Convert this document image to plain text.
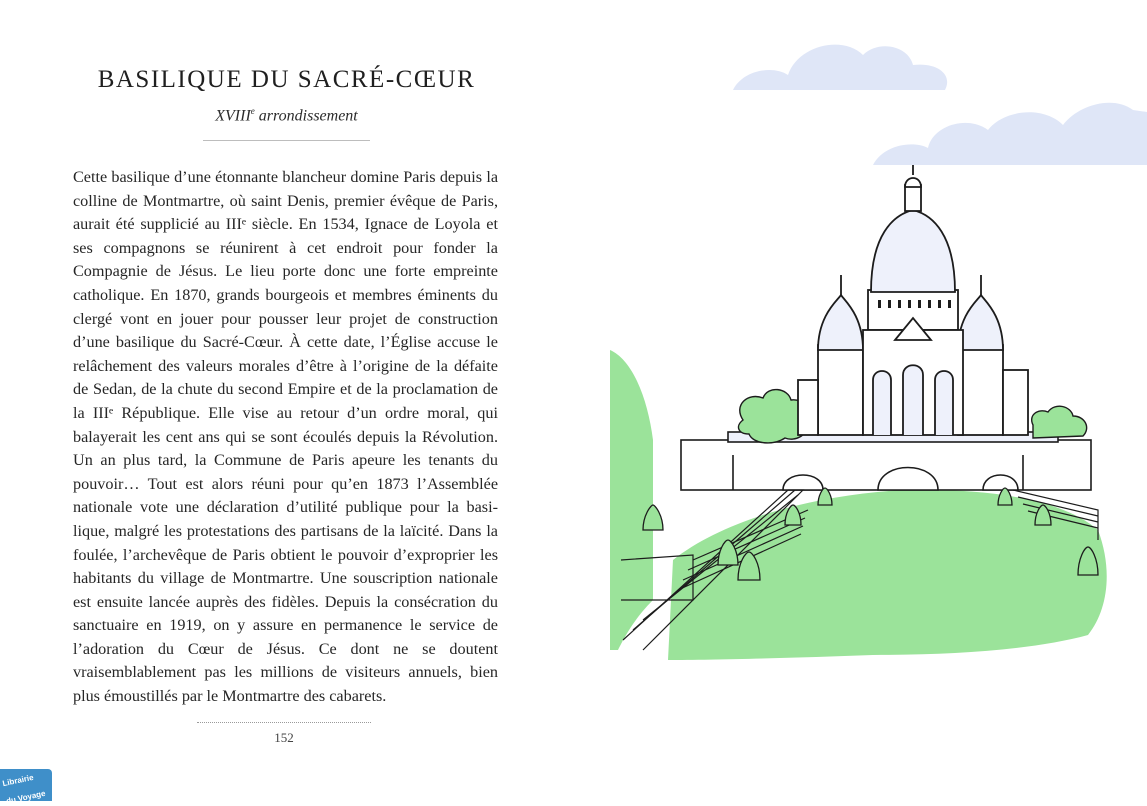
BASILIQUE DU SACRÉ-CŒUR
XVIIIe arrondissement

Cette basilique d’une étonnante blancheur domine Paris depuis la colline de Montmartre, où saint Denis, premier évêque de Paris, aurait été supplicié au IIIᵉ siècle. En 1534, Ignace de Loyola et ses compagnons se réunirent à cet endroit pour fonder la Compagnie de Jésus. Le lieu porte donc une forte empreinte catholique. En 1870, grands bourgeois et membres éminents du clergé vont en jouer pour pousser leur projet de construction d’une basilique du Sacré-Cœur. À cette date, l’Église accuse le relâchement des valeurs morales d’être à l’origine de la défaite de Sedan, de la chute du second Empire et de la proclamation de la IIIᵉ République. Elle vise au retour d’un ordre moral, qui balayerait les cent ans qui se sont écoulés depuis la Révolution. Un an plus tard, la Commune de Paris apeure les tenants du pouvoir… Tout est alors réuni pour qu’en 1873 l’Assemblée nationale vote une déclaration d’utilité publique pour la basilique, malgré les protestations des partisans de la laïcité. Dans la foulée, l’archevêque de Paris obtient le pouvoir d’exproprier les habitants du village de Montmartre. Une souscription nationale est ensuite lancée auprès des fidèles. Depuis la consécration du sanctuaire en 1919, on y assure en permanence le service de l’adoration du Cœur de Jésus. Ce dont ne se doutent vraisemblablement pas les millions de visiteurs annuels, bien plus émoustillés par le Montmartre des cabarets.

152
Librairie

du Voyage
